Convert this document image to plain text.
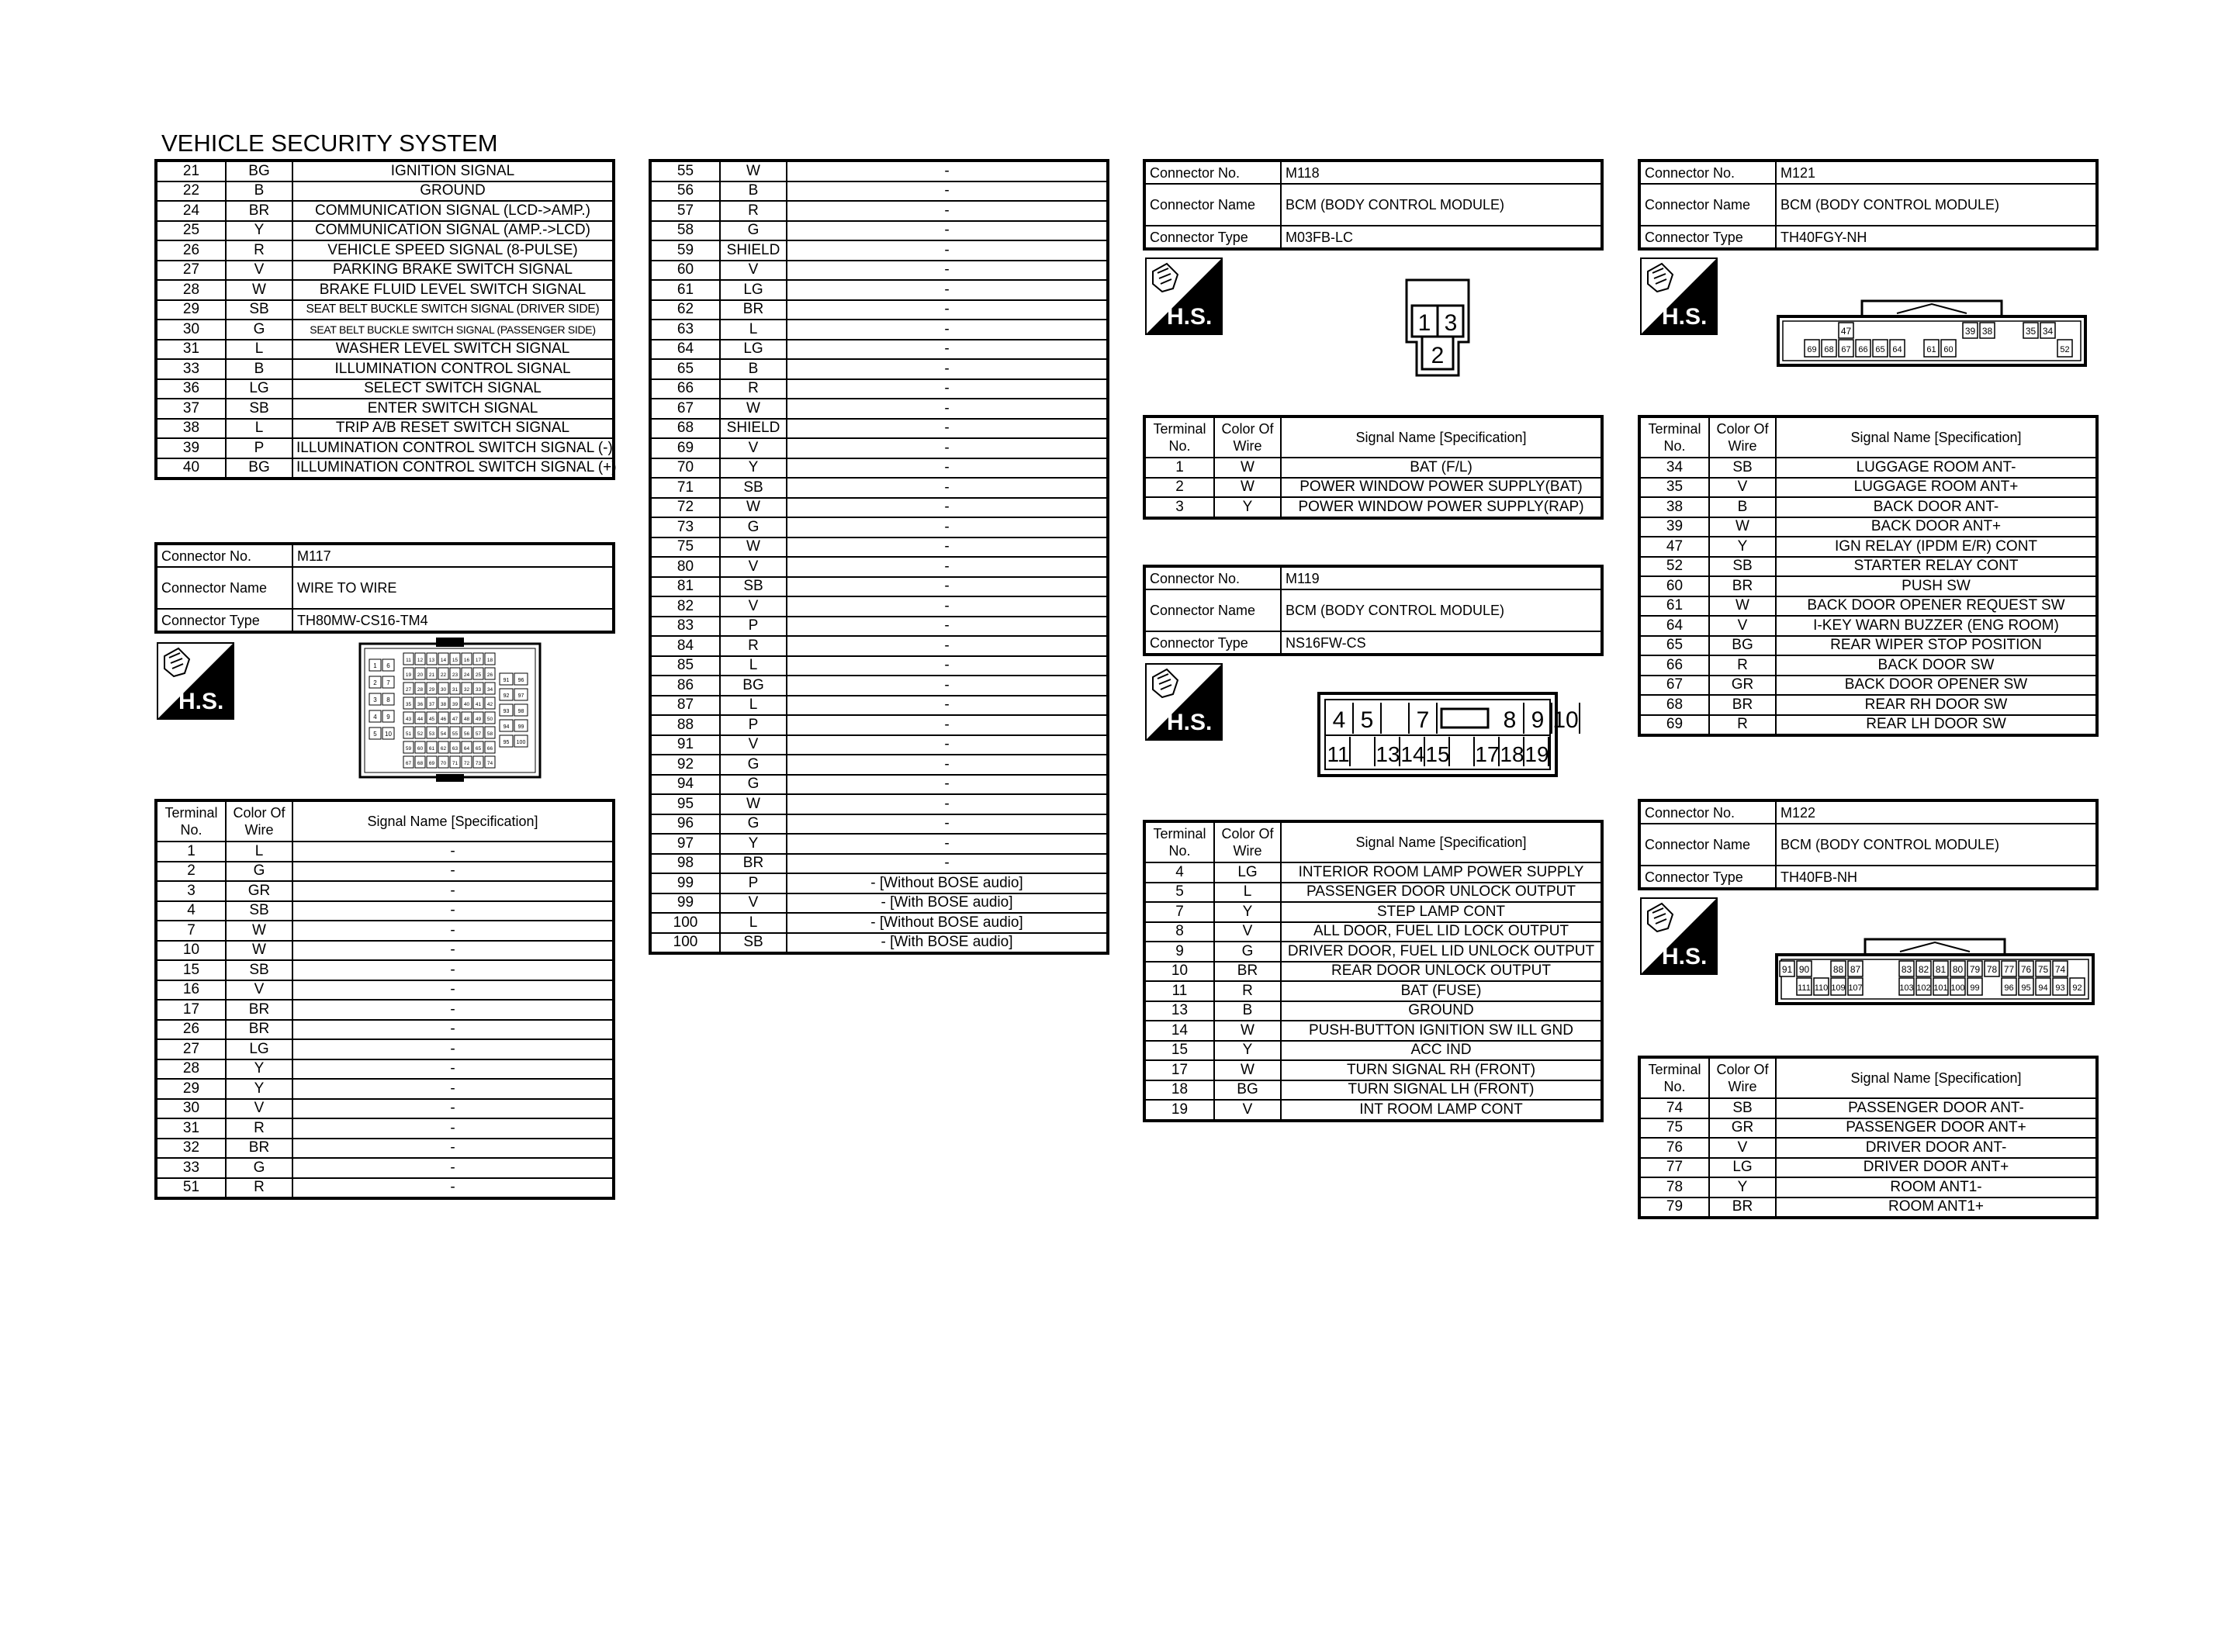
VEHICLE SECURITY SYSTEM
21	BG	IGNITION SIGNAL
22	B	GROUND
24	BR	COMMUNICATION SIGNAL (LCD->AMP.)
25	Y	COMMUNICATION SIGNAL (AMP.->LCD)
26	R	VEHICLE SPEED SIGNAL (8-PULSE)
27	V	PARKING BRAKE SWITCH SIGNAL
28	W	BRAKE FLUID LEVEL SWITCH SIGNAL
29	SB	SEAT BELT BUCKLE SWITCH SIGNAL (DRIVER SIDE)
30	G	SEAT BELT BUCKLE SWITCH SIGNAL (PASSENGER SIDE)
31	L	WASHER LEVEL SWITCH SIGNAL
33	B	ILLUMINATION CONTROL SIGNAL
36	LG	SELECT SWITCH SIGNAL
37	SB	ENTER SWITCH SIGNAL
38	L	TRIP A/B RESET SWITCH SIGNAL
39	P	ILLUMINATION CONTROL SWITCH SIGNAL (-)
40	BG	ILLUMINATION CONTROL SWITCH SIGNAL (+)
Connector No.	M117
Connector Name	WIRE TO WIRE
Connector Type	TH80MW-CS16-TM4
H.S.
1 6
2 7
3 8
4 9
5 10
91 96
92 97
93 98
94 99
95 100
11 12 13 14 15 16 17 18
19 20 21 22 23 24 25 26
27 28 29 30 31 32 33 34
35 36 37 38 39 40 41 42
43 44 45 46 47 48 49 50
51 52 53 54 55 56 57 58
59 60 61 62 63 64 65 66
67 68 69 70 71 72 73 74
Terminal No.	Color Of Wire	Signal Name [Specification]
1	L	-
2	G	-
3	GR	-
4	SB	-
7	W	-
10	W	-
15	SB	-
16	V	-
17	BR	-
26	BR	-
27	LG	-
28	Y	-
29	Y	-
30	V	-
31	R	-
32	BR	-
33	G	-
51	R	-
55	W	-
56	B	-
57	R	-
58	G	-
59	SHIELD	-
60	V	-
61	LG	-
62	BR	-
63	L	-
64	LG	-
65	B	-
66	R	-
67	W	-
68	SHIELD	-
69	V	-
70	Y	-
71	SB	-
72	W	-
73	G	-
75	W	-
80	V	-
81	SB	-
82	V	-
83	P	-
84	R	-
85	L	-
86	BG	-
87	L	-
88	P	-
91	V	-
92	G	-
94	G	-
95	W	-
96	G	-
97	Y	-
98	BR	-
99	P	- [Without BOSE audio]
99	V	- [With BOSE audio]
100	L	- [Without BOSE audio]
100	SB	- [With BOSE audio]
Connector No.	M118
Connector Name	BCM (BODY CONTROL MODULE)
Connector Type	M03FB-LC
H.S.	1 3
2
Terminal No.	Color Of Wire	Signal Name [Specification]
1	W	BAT (F/L)
2	W	POWER WINDOW POWER SUPPLY(BAT)
3	Y	POWER WINDOW POWER SUPPLY(RAP)
Connector No.	M119
Connector Name	BCM (BODY CONTROL MODULE)
Connector Type	NS16FW-CS
H.S.	4 5 7	8 9 10
11 13 14 15 17 18 19
Terminal No.	Color Of Wire	Signal Name [Specification]
4	LG	INTERIOR ROOM LAMP POWER SUPPLY
5	L	PASSENGER DOOR UNLOCK OUTPUT
7	Y	STEP LAMP CONT
8	V	ALL DOOR, FUEL LID LOCK OUTPUT
9	G	DRIVER DOOR, FUEL LID UNLOCK OUTPUT
10	BR	REAR DOOR UNLOCK OUTPUT
11	R	BAT (FUSE)
13	B	GROUND
14	W	PUSH-BUTTON IGNITION SW ILL GND
15	Y	ACC IND
17	W	TURN SIGNAL RH (FRONT)
18	BG	TURN SIGNAL LH (FRONT)
19	V	INT ROOM LAMP CONT
Connector No.	M121
Connector Name	BCM (BODY CONTROL MODULE)
Connector Type	TH40FGY-NH
H.S.
47	39 38	35 34
69 68 67 66 65 64	61 60	52
Terminal No.	Color Of Wire	Signal Name [Specification]
34	SB	LUGGAGE ROOM ANT-
35	V	LUGGAGE ROOM ANT+
38	B	BACK DOOR ANT-
39	W	BACK DOOR ANT+
47	Y	IGN RELAY (IPDM E/R) CONT
52	SB	STARTER RELAY CONT
60	BR	PUSH SW
61	W	BACK DOOR OPENER REQUEST SW
64	V	I-KEY WARN BUZZER (ENG ROOM)
65	BG	REAR WIPER STOP POSITION
66	R	BACK DOOR SW
67	GR	BACK DOOR OPENER SW
68	BR	REAR RH DOOR SW
69	R	REAR LH DOOR SW
Connector No.	M122
Connector Name	BCM (BODY CONTROL MODULE)
Connector Type	TH40FB-NH
H.S.	91 90	88 87	83 82 81 80 79 78 77 76 75 74
111 110 109 107	103 102 101 100 99	96 95 94 93 92
Terminal No.	Color Of Wire	Signal Name [Specification]
74	SB	PASSENGER DOOR ANT-
75	GR	PASSENGER DOOR ANT+
76	V	DRIVER DOOR ANT-
77	LG	DRIVER DOOR ANT+
78	Y	ROOM ANT1-
79	BR	ROOM ANT1+
